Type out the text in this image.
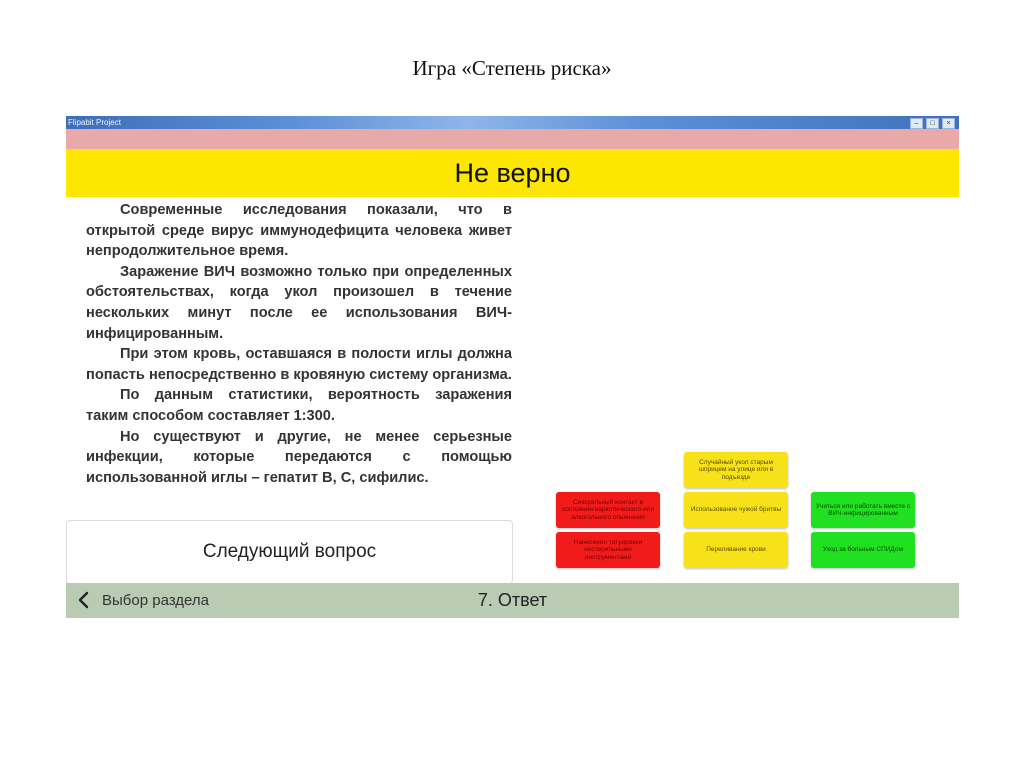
Игра «Степень риска»
Flipabit Project	–	□	×
Не верно

Современные исследования показали, что в открытой среде вирус иммунодефицита человека живет непродолжительное время.

Заражение ВИЧ возможно только при определенных обстоятельствах, когда укол произошел в течение нескольких минут после ее использования ВИЧ-инфицированным.

При этом кровь, оставшаяся в полости иглы должна попасть непосредственно в кровяную систему организма.

По данным статистики, вероятность заражения таким способом составляет 1:300.

Но существуют и другие, не менее серьезные инфекции, которые передаются с помощью использованной иглы – гепатит В, С, сифилис.

Следующий вопрос
Сексуальный контакт в состоянии наркотического или алкогольного опьянения
Нанесение татуировки нестерильными инструментами
Случайный укол старым шприцем на улице или в подъезде
Использование чужой бритвы
Переливание крови
Учиться или работать вместе с ВИЧ-инфицированным
Уход за больным СПИДом
Выбор раздела	7. Ответ
